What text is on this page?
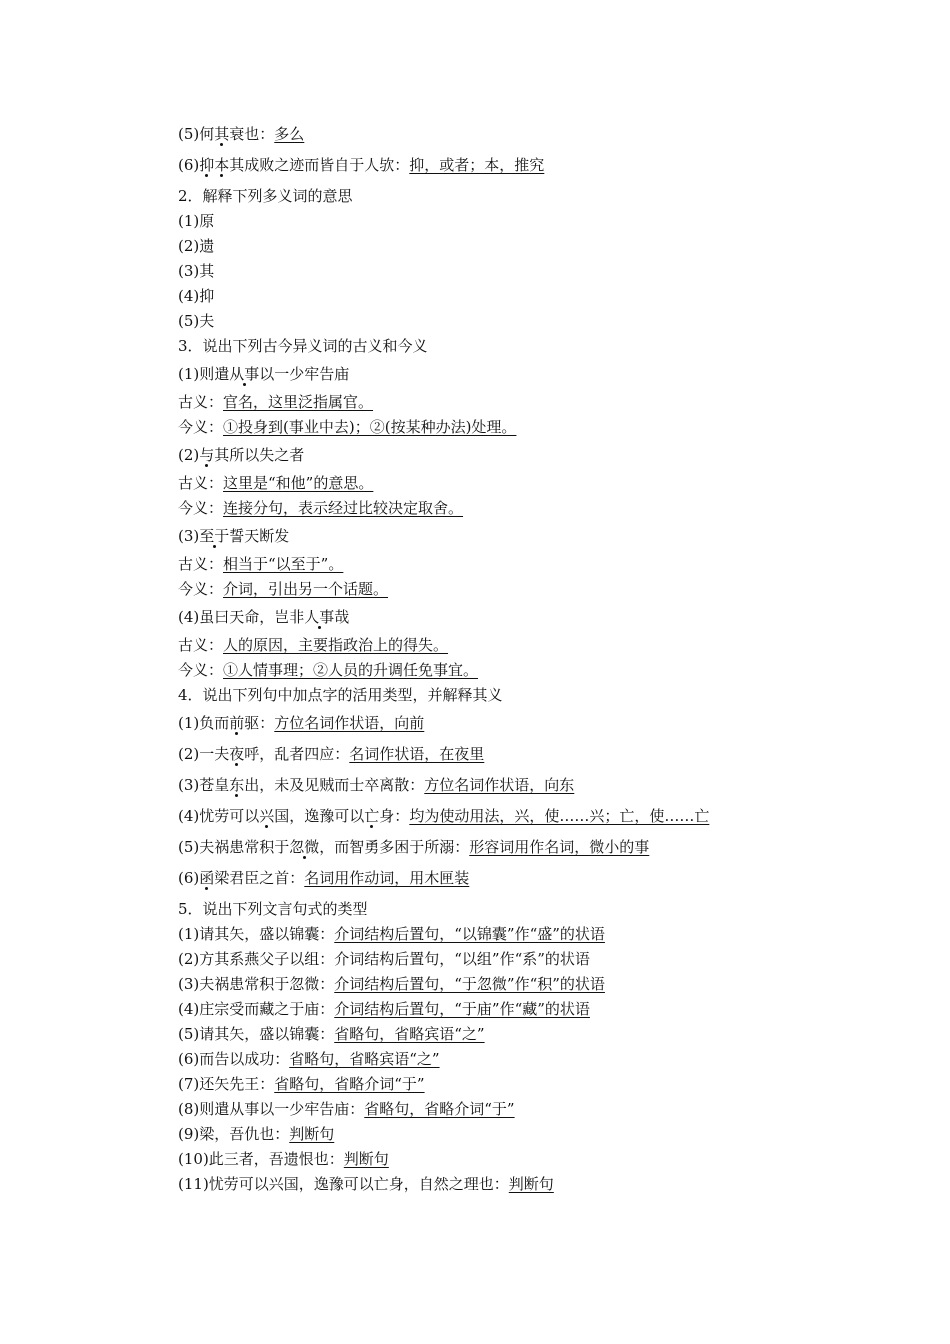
(5)何其衰也：多么
(6)抑本其成败之迹而皆自于人欤：抑，或者；本，推究
2．解释下列多义词的意思
(1)原
(2)遗
(3)其
(4)抑
(5)夫
3．说出下列古今异义词的古义和今义
(1)则遣从事以一少牢告庙
古义：官名，这里泛指属官。
今义：①投身到(事业中去)；②(按某种办法)处理。
(2)与其所以失之者
古义：这里是“和他”的意思。
今义：连接分句，表示经过比较决定取舍。
(3)至于誓天断发
古义：相当于“以至于”。
今义：介词，引出另一个话题。
(4)虽曰天命，岂非人事哉
古义：人的原因，主要指政治上的得失。
今义：①人情事理；②人员的升调任免事宜。
4．说出下列句中加点字的活用类型，并解释其义
(1)负而前驱：方位名词作状语，向前
(2)一夫夜呼，乱者四应：名词作状语，在夜里
(3)苍皇东出，未及见贼而士卒离散：方位名词作状语，向东
(4)忧劳可以兴国，逸豫可以亡身：均为使动用法，兴，使……兴；亡，使……亡
(5)夫祸患常积于忽微，而智勇多困于所溺：形容词用作名词，微小的事
(6)函梁君臣之首：名词用作动词，用木匣装
5．说出下列文言句式的类型
(1)请其矢，盛以锦囊：介词结构后置句，“以锦囊”作“盛”的状语
(2)方其系燕父子以组：介词结构后置句，“以组”作“系”的状语
(3)夫祸患常积于忽微：介词结构后置句，“于忽微”作“积”的状语
(4)庄宗受而藏之于庙：介词结构后置句，“于庙”作“藏”的状语
(5)请其矢，盛以锦囊：省略句，省略宾语“之”
(6)而告以成功：省略句，省略宾语“之”
(7)还矢先王：省略句，省略介词“于”
(8)则遣从事以一少牢告庙：省略句，省略介词“于”
(9)梁，吾仇也：判断句
(10)此三者，吾遗恨也：判断句
(11)忧劳可以兴国，逸豫可以亡身，自然之理也：判断句
